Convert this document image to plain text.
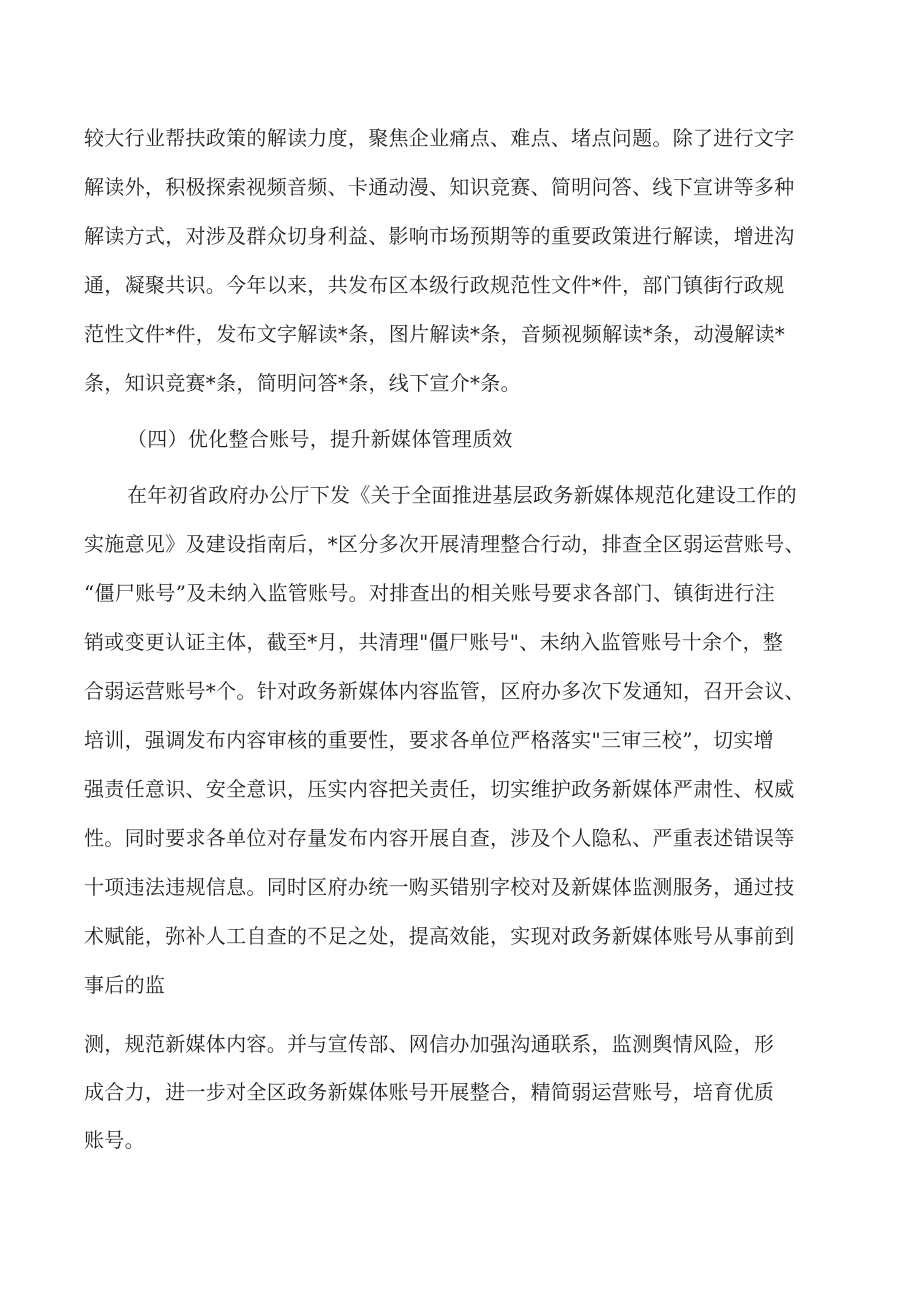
较大行业帮扶政策的解读力度，聚焦企业痛点、难点、堵点问题。除了进行文字
解读外，积极探索视频音频、卡通动漫、知识竞赛、简明问答、线下宣讲等多种
解读方式，对涉及群众切身利益、影响市场预期等的重要政策进行解读，增进沟
通，凝聚共识。今年以来，共发布区本级行政规范性文件*件，部门镇街行政规
范性文件*件，发布文字解读*条，图片解读*条，音频视频解读*条，动漫解读*
条，知识竞赛*条，简明问答*条，线下宣介*条。
（四）优化整合账号，提升新媒体管理质效
在年初省政府办公厅下发《关于全面推进基层政务新媒体规范化建设工作的
实施意见》及建设指南后，*区分多次开展清理整合行动，排查全区弱运营账号、
“僵尸账号”及未纳入监管账号。对排查出的相关账号要求各部门、镇街进行注
销或变更认证主体，截至*月，共清理"僵尸账号"、未纳入监管账号十余个，整
合弱运营账号*个。针对政务新媒体内容监管，区府办多次下发通知，召开会议、
培训，强调发布内容审核的重要性，要求各单位严格落实"三审三校”，切实增
强责任意识、安全意识，压实内容把关责任，切实维护政务新媒体严肃性、权威
性。同时要求各单位对存量发布内容开展自查，涉及个人隐私、严重表述错误等
十项违法违规信息。同时区府办统一购买错别字校对及新媒体监测服务，通过技
术赋能，弥补人工自查的不足之处，提高效能，实现对政务新媒体账号从事前到
事后的监
测，规范新媒体内容。并与宣传部、网信办加强沟通联系，监测舆情风险，形
成合力，进一步对全区政务新媒体账号开展整合，精简弱运营账号，培育优质
账号。
